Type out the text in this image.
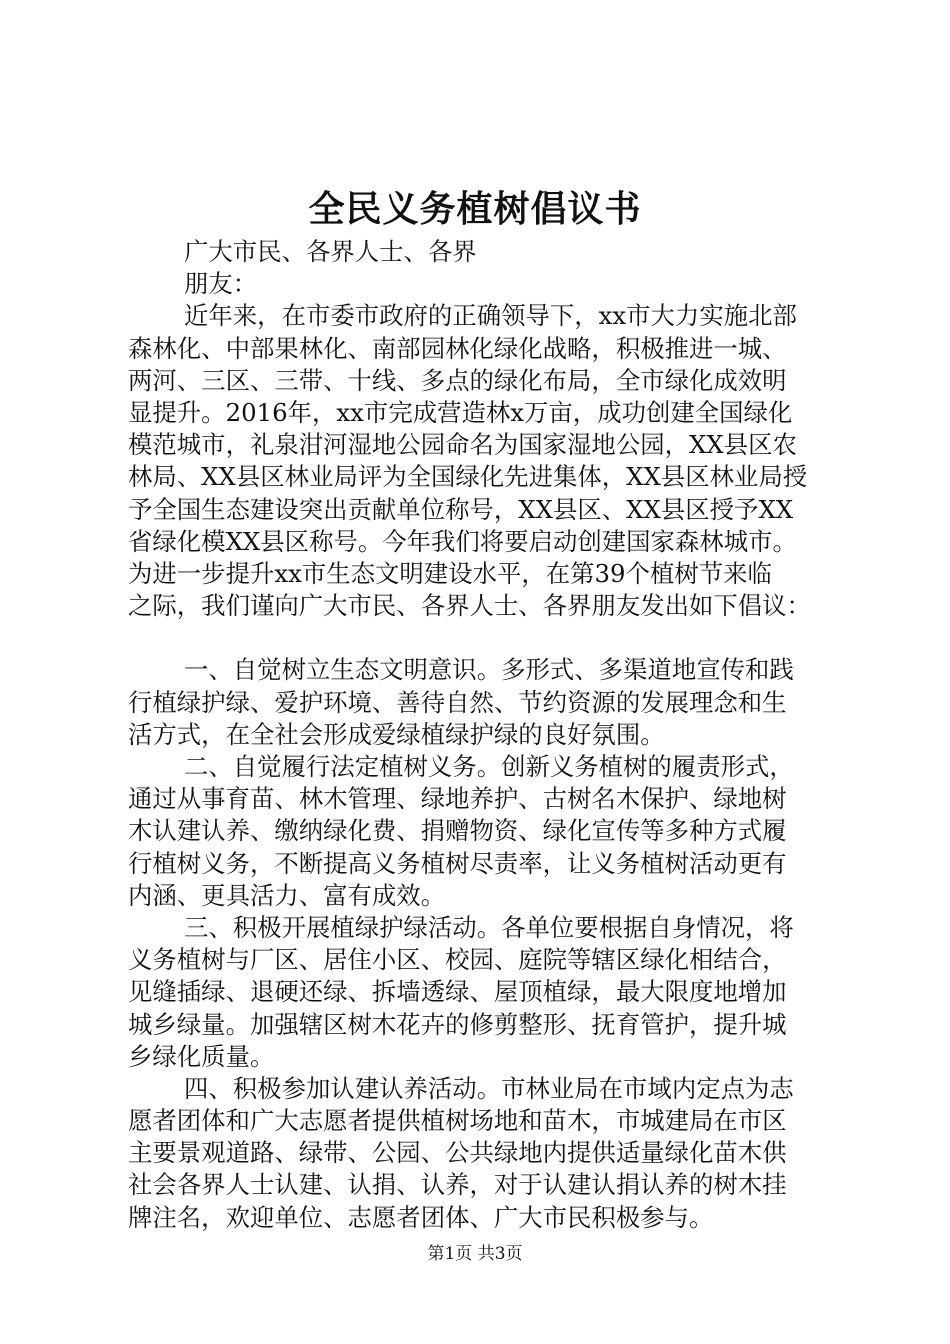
全民义务植树倡议书
广大市民、各界人士、各界
朋友：
近年来，在市委市政府的正确领导下，xx市大力实施北部
森林化、中部果林化、南部园林化绿化战略，积极推进一城、
两河、三区、三带、十线、多点的绿化布局，全市绿化成效明
显提升。2016年，xx市完成营造林x万亩，成功创建全国绿化
模范城市，礼泉泔河湿地公园命名为国家湿地公园，XX县区农
林局、XX县区林业局评为全国绿化先进集体，XX县区林业局授
予全国生态建设突出贡献单位称号，XX县区、XX县区授予XX
省绿化模XX县区称号。今年我们将要启动创建国家森林城市。
为进一步提升xx市生态文明建设水平，在第39个植树节来临
之际，我们谨向广大市民、各界人士、各界朋友发出如下倡议：
一、自觉树立生态文明意识。多形式、多渠道地宣传和践
行植绿护绿、爱护环境、善待自然、节约资源的发展理念和生
活方式，在全社会形成爱绿植绿护绿的良好氛围。
二、自觉履行法定植树义务。创新义务植树的履责形式，
通过从事育苗、林木管理、绿地养护、古树名木保护、绿地树
木认建认养、缴纳绿化费、捐赠物资、绿化宣传等多种方式履
行植树义务，不断提高义务植树尽责率，让义务植树活动更有
内涵、更具活力、富有成效。
三、积极开展植绿护绿活动。各单位要根据自身情况，将
义务植树与厂区、居住小区、校园、庭院等辖区绿化相结合，
见缝插绿、退硬还绿、拆墙透绿、屋顶植绿，最大限度地增加
城乡绿量。加强辖区树木花卉的修剪整形、抚育管护，提升城
乡绿化质量。
四、积极参加认建认养活动。市林业局在市域内定点为志
愿者团体和广大志愿者提供植树场地和苗木，市城建局在市区
主要景观道路、绿带、公园、公共绿地内提供适量绿化苗木供
社会各界人士认建、认捐、认养，对于认建认捐认养的树木挂
牌注名，欢迎单位、志愿者团体、广大市民积极参与。
第1页 共3页
